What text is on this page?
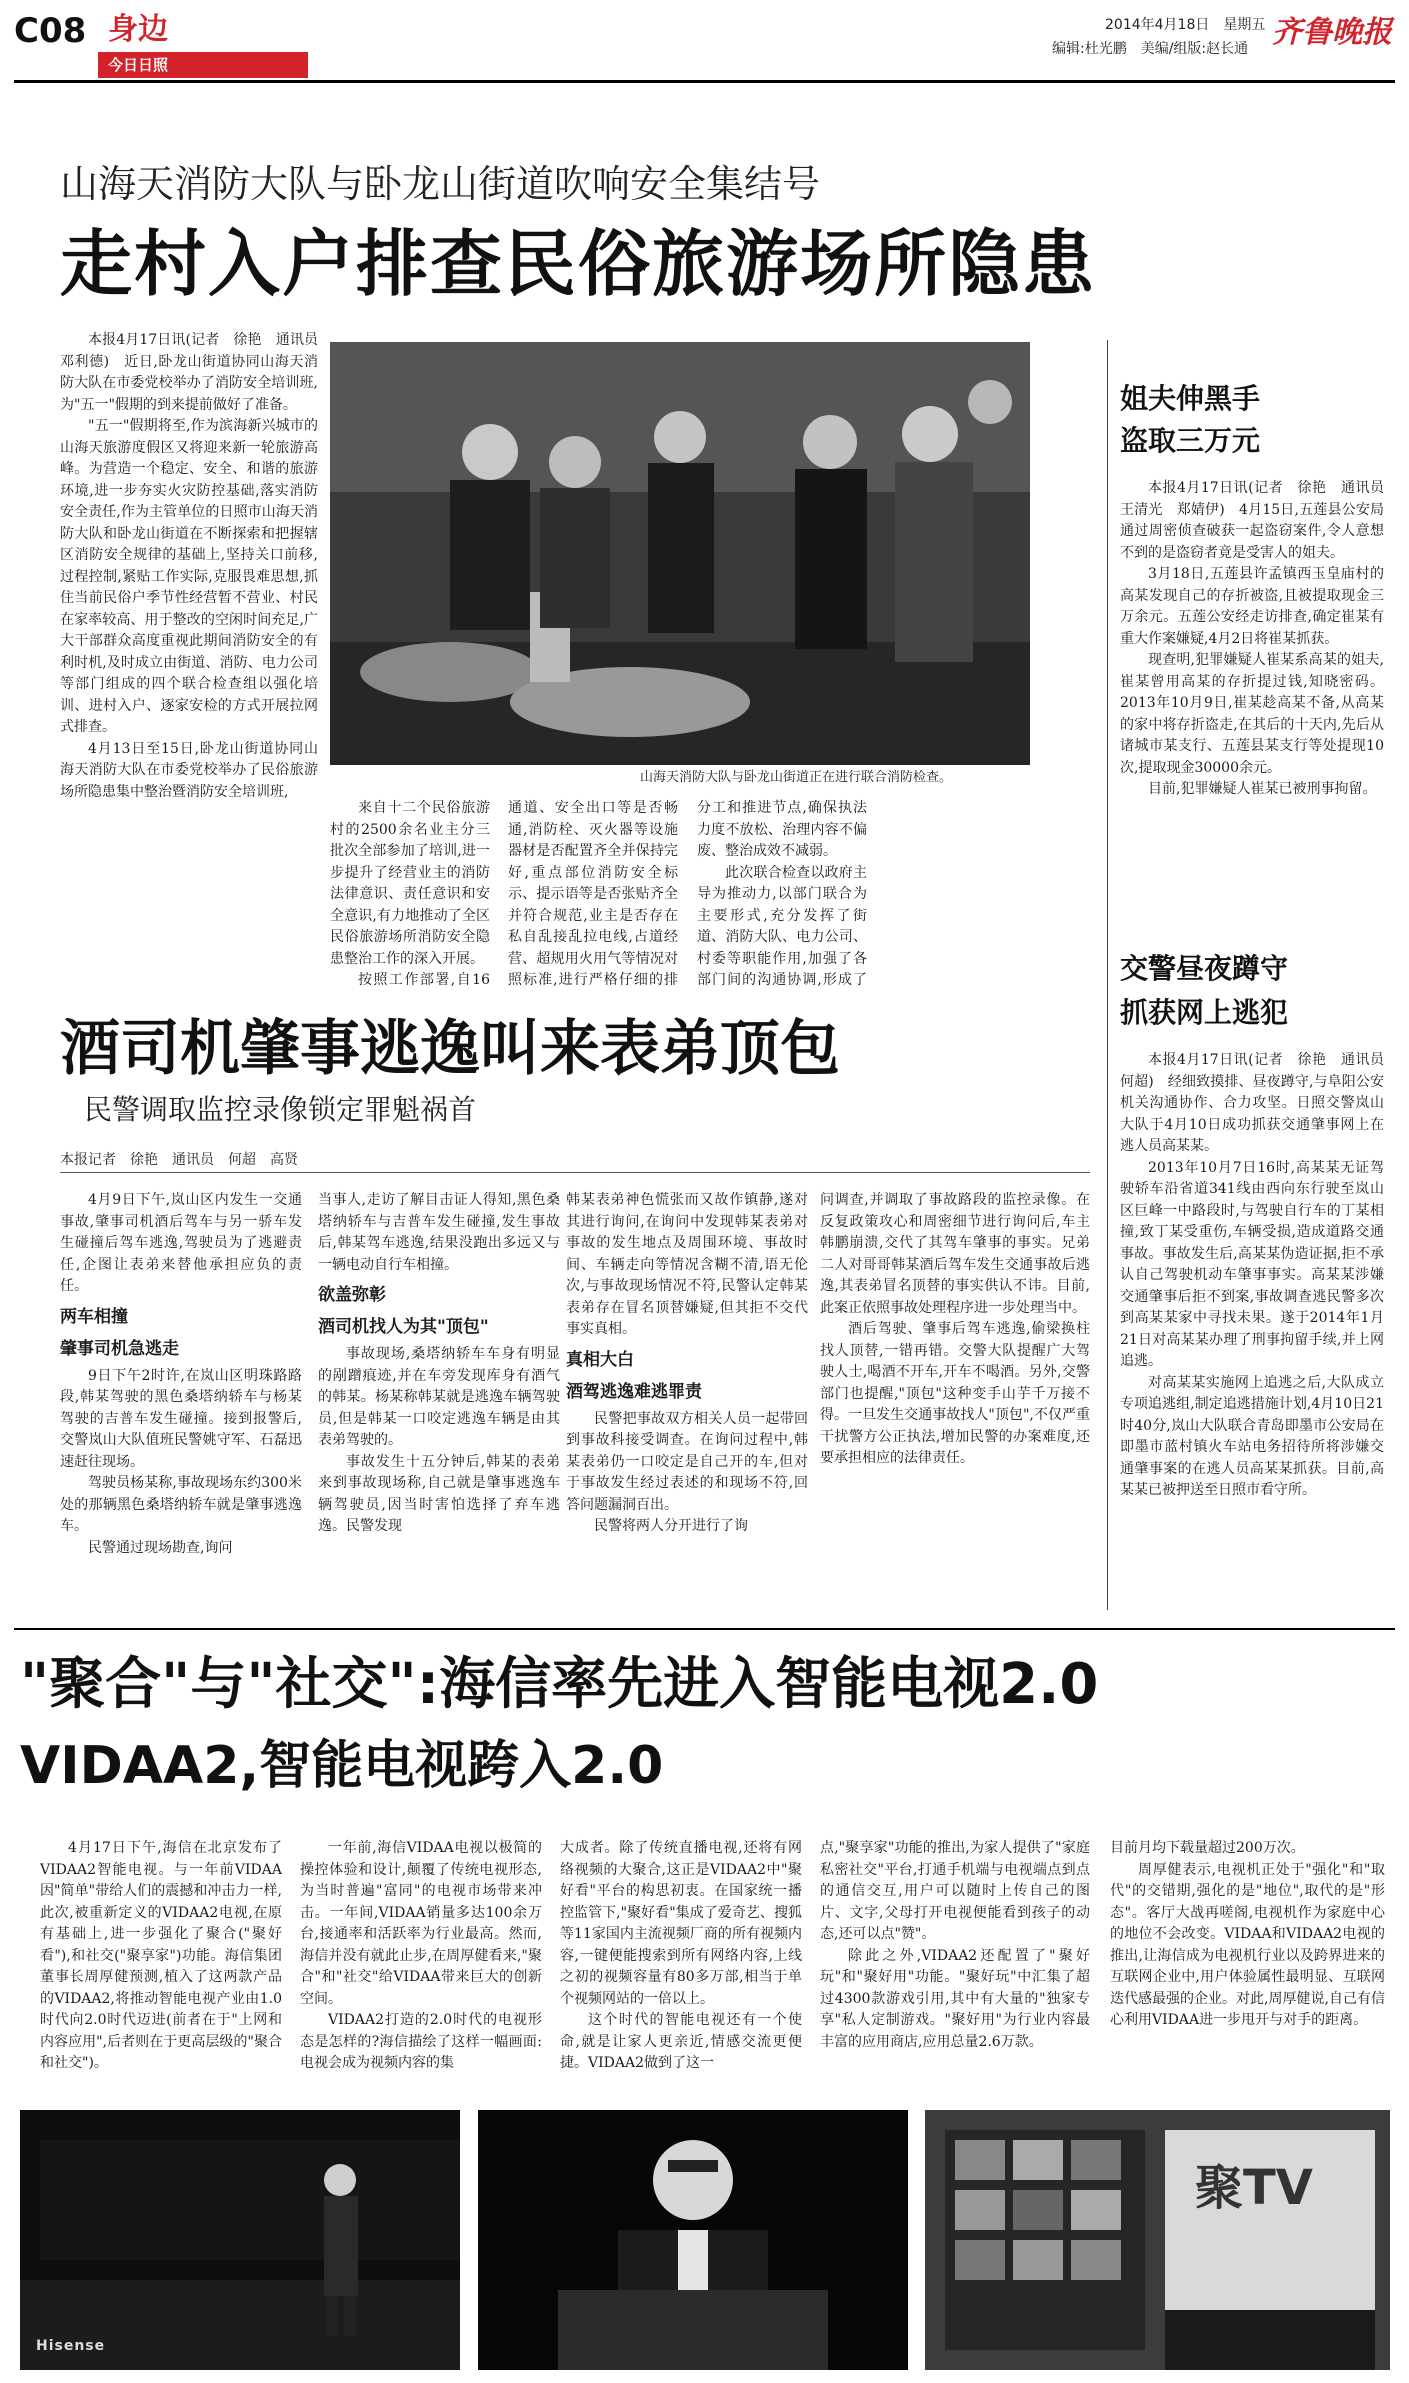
C08 身边
今日日照
2014年4月18日　星期五
编辑:杜光鹏　美编/组版:赵长通 齐鲁晚报
山海天消防大队与卧龙山街道吹响安全集结号
走村入户排查民俗旅游场所隐患

本报4月17日讯(记者　徐艳　通讯员　邓利德)　近日,卧龙山街道协同山海天消防大队在市委党校举办了消防安全培训班,为"五一"假期的到来提前做好了准备。

"五一"假期将至,作为滨海新兴城市的山海天旅游度假区又将迎来新一轮旅游高峰。为营造一个稳定、安全、和谐的旅游环境,进一步夯实火灾防控基础,落实消防安全责任,作为主管单位的日照市山海天消防大队和卧龙山街道在不断探索和把握辖区消防安全规律的基础上,坚持关口前移,过程控制,紧贴工作实际,克服畏难思想,抓住当前民俗户季节性经营暂不营业、村民在家率较高、用于整改的空闲时间充足,广大干部群众高度重视此期间消防安全的有利时机,及时成立由街道、消防、电力公司等部门组成的四个联合检查组以强化培训、进村入户、逐家安检的方式开展拉网式排查。

4月13日至15日,卧龙山街道协同山海天消防大队在市委党校举办了民俗旅游场所隐患集中整治暨消防安全培训班,

山海天消防大队与卧龙山街道正在进行联合消防检查。

来自十二个民俗旅游村的2500余名业主分三批次全部参加了培训,进一步提升了经营业主的消防法律意识、责任意识和安全意识,有力地推动了全区民俗旅游场所消防安全隐患整治工作的深入开展。

按照工作部署,自16

通道、安全出口等是否畅通,消防栓、灭火器等设施器材是否配置齐全并保持完好,重点部位消防安全标示、提示语等是否张贴齐全并符合规范,业主是否存在私自乱接乱拉电线,占道经营、超规用火用气等情况对照标准,进行严格仔细的排

分工和推进节点,确保执法力度不放松、治理内容不偏废、整治成效不减弱。

此次联合检查以政府主导为推动力,以部门联合为主要形式,充分发挥了街道、消防大队、电力公司、村委等职能作用,加强了各部门间的沟通协调,形成了

姐夫伸黑手
盗取三万元

本报4月17日讯(记者　徐艳　通讯员　王清光　郑婧伊)　4月15日,五莲县公安局通过周密侦查破获一起盗窃案件,令人意想不到的是盗窃者竟是受害人的姐夫。

3月18日,五莲县许孟镇西玉皇庙村的高某发现自己的存折被盗,且被提取现金三万余元。五莲公安经走访排查,确定崔某有重大作案嫌疑,4月2日将崔某抓获。

现查明,犯罪嫌疑人崔某系高某的姐夫,崔某曾用高某的存折提过钱,知晓密码。2013年10月9日,崔某趁高某不备,从高某的家中将存折盗走,在其后的十天内,先后从诸城市某支行、五莲县某支行等处提现10次,提取现金30000余元。

目前,犯罪嫌疑人崔某已被刑事拘留。

交警昼夜蹲守
抓获网上逃犯

本报4月17日讯(记者　徐艳　通讯员　何超)　经细致摸排、昼夜蹲守,与阜阳公安机关沟通协作、合力攻坚。日照交警岚山大队于4月10日成功抓获交通肇事网上在逃人员高某某。

2013年10月7日16时,高某某无证驾驶轿车沿省道341线由西向东行驶至岚山区巨峰一中路段时,与驾驶自行车的丁某相撞,致丁某受重伤,车辆受损,造成道路交通事故。事故发生后,高某某伪造证据,拒不承认自己驾驶机动车肇事事实。高某某涉嫌交通肇事后拒不到案,事故调查逃民警多次到高某某家中寻找未果。遂于2014年1月21日对高某某办理了刑事拘留手续,并上网追逃。

对高某某实施网上追逃之后,大队成立专项追逃组,制定追逃措施计划,4月10日21时40分,岚山大队联合青岛即墨市公安局在即墨市蓝村镇火车站电务招待所将涉嫌交通肇事案的在逃人员高某某抓获。目前,高某某已被押送至日照市看守所。

酒司机肇事逃逸叫来表弟顶包
民警调取监控录像锁定罪魁祸首
本报记者　徐艳　通讯员　何超　高贤

4月9日下午,岚山区内发生一交通事故,肇事司机酒后驾车与另一骄车发生碰撞后驾车逃逸,驾驶员为了逃避责任,企图让表弟来替他承担应负的责任。

两车相撞
肇事司机急逃走

9日下午2时许,在岚山区明珠路路段,韩某驾驶的黑色桑塔纳轿车与杨某驾驶的吉普车发生碰撞。接到报警后,交警岚山大队值班民警姚守军、石磊迅速赶往现场。

驾驶员杨某称,事故现场东约300米处的那辆黑色桑塔纳轿车就是肇事逃逸车。

民警通过现场勘查,询问

当事人,走访了解目击证人得知,黑色桑塔纳轿车与吉普车发生碰撞,发生事故后,韩某驾车逃逸,结果没跑出多远又与一辆电动自行车相撞。

欲盖弥彰
酒司机找人为其"顶包"

事故现场,桑塔纳轿车车身有明显的剐蹭痕迹,并在车旁发现库身有酒气的韩某。杨某称韩某就是逃逸车辆驾驶员,但是韩某一口咬定逃逸车辆是由其表弟驾驶的。

事故发生十五分钟后,韩某的表弟来到事故现场称,自己就是肇事逃逸车辆驾驶员,因当时害怕选择了弃车逃逸。民警发现

韩某表弟神色慌张而又故作镇静,遂对其进行询问,在询问中发现韩某表弟对事故的发生地点及周围环境、事故时间、车辆走向等情况含糊不清,语无伦次,与事故现场情况不符,民警认定韩某表弟存在冒名顶替嫌疑,但其拒不交代事实真相。

真相大白
酒驾逃逸难逃罪责

民警把事故双方相关人员一起带回到事故科接受调查。在询问过程中,韩某表弟仍一口咬定是自己开的车,但对于事故发生经过表述的和现场不符,回答问题漏洞百出。

民警将两人分开进行了询

问调查,并调取了事故路段的监控录像。在反复政策攻心和周密细节进行询问后,车主韩鹏崩溃,交代了其驾车肇事的事实。兄弟二人对哥哥韩某酒后驾车发生交通事故后逃逸,其表弟冒名顶替的事实供认不讳。目前,此案正依照事故处理程序进一步处理当中。

酒后驾驶、肇事后驾车逃逸,偷梁换柱找人顶替,一错再错。交警大队提醒广大驾驶人士,喝酒不开车,开车不喝酒。另外,交警部门也提醒,"顶包"这种变手山芋千万接不得。一旦发生交通事故找人"顶包",不仅严重干扰警方公正执法,增加民警的办案难度,还要承担相应的法律责任。

"聚合"与"社交":海信率先进入智能电视2.0
VIDAA2,智能电视跨入2.0

4月17日下午,海信在北京发布了VIDAA2智能电视。与一年前VIDAA因"简单"带给人们的震撼和冲击力一样,此次,被重新定义的VIDAA2电视,在原有基础上,进一步强化了聚合("聚好看"),和社交("聚享家")功能。海信集团董事长周厚健预测,植入了这两款产品的VIDAA2,将推动智能电视产业由1.0时代向2.0时代迈进(前者在于"上网和内容应用",后者则在于更高层级的"聚合和社交")。

一年前,海信VIDAA电视以极简的操控体验和设计,颠覆了传统电视形态,为当时普遍"富同"的电视市场带来冲击。一年间,VIDAA销量多达100余万台,接通率和活跃率为行业最高。然而,海信并没有就此止步,在周厚健看来,"聚合"和"社交"给VIDAA带来巨大的创新空间。

VIDAA2打造的2.0时代的电视形态是怎样的?海信描绘了这样一幅画面:电视会成为视频内容的集

大成者。除了传统直播电视,还将有网络视频的大聚合,这正是VIDAA2中"聚好看"平台的构思初衷。在国家统一播控监管下,"聚好看"集成了爱奇艺、搜狐等11家国内主流视频厂商的所有视频内容,一键便能搜索到所有网络内容,上线之初的视频容量有80多万部,相当于单个视频网站的一倍以上。

这个时代的智能电视还有一个使命,就是让家人更亲近,情感交流更便捷。VIDAA2做到了这一

点,"聚享家"功能的推出,为家人提供了"家庭私密社交"平台,打通手机端与电视端点到点的通信交互,用户可以随时上传自己的图片、文字,父母打开电视便能看到孩子的动态,还可以点"赞"。

除此之外,VIDAA2还配置了"聚好玩"和"聚好用"功能。"聚好玩"中汇集了超过4300款游戏引用,其中有大量的"独家专享"私人定制游戏。"聚好用"为行业内容最丰富的应用商店,应用总量2.6万款。

目前月均下载量超过200万次。

周厚健表示,电视机正处于"强化"和"取代"的交错期,强化的是"地位",取代的是"形态"。客厅大战再嗟阁,电视机作为家庭中心的地位不会改变。VIDAA和VIDAA2电视的推出,让海信成为电视机行业以及跨界进来的互联网企业中,用户体验属性最明显、互联网迭代感最强的企业。对此,周厚健说,自己有信心利用VIDAA进一步甩开与对手的距离。

Hisense
聚TV
